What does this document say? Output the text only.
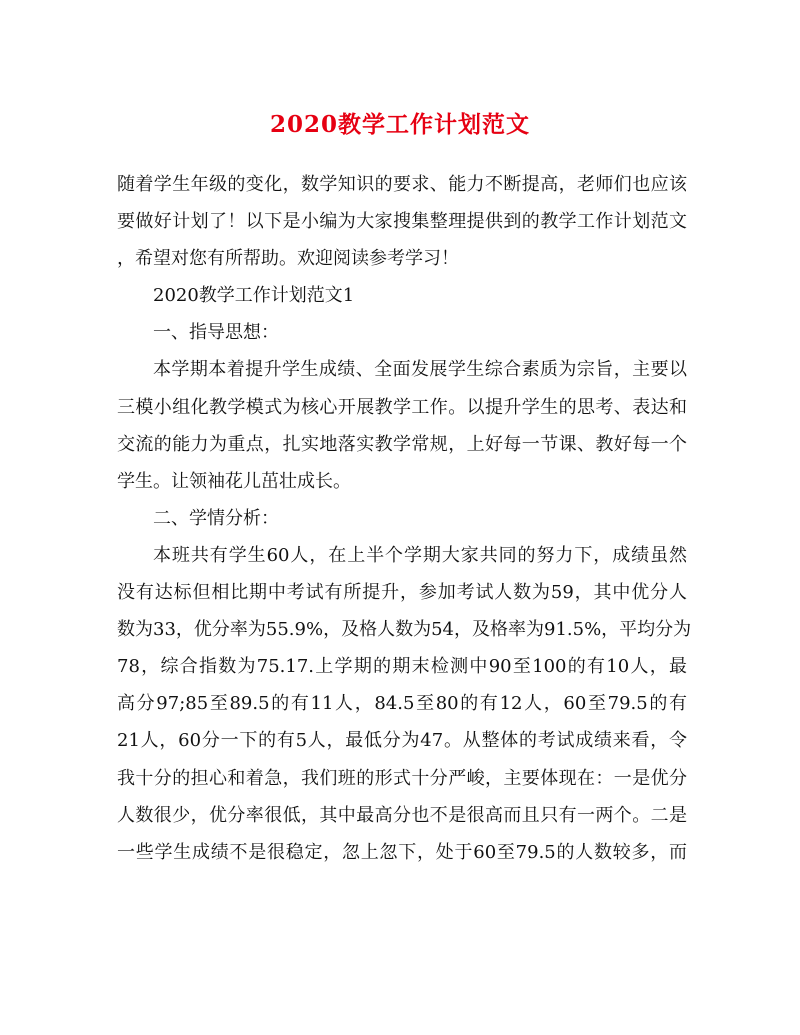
2020教学工作计划范文
随着学生年级的变化，数学知识的要求、能力不断提高，老师们也应该
要做好计划了！以下是小编为大家搜集整理提供到的教学工作计划范文
，希望对您有所帮助。欢迎阅读参考学习！
2020教学工作计划范文1
一、指导思想：
本学期本着提升学生成绩、全面发展学生综合素质为宗旨，主要以
三模小组化教学模式为核心开展教学工作。以提升学生的思考、表达和
交流的能力为重点，扎实地落实教学常规，上好每一节课、教好每一个
学生。让领袖花儿茁壮成长。
二、学情分析：
本班共有学生60人，在上半个学期大家共同的努力下，成绩虽然
没有达标但相比期中考试有所提升，参加考试人数为59，其中优分人
数为33，优分率为55.9%，及格人数为54，及格率为91.5%，平均分为
78，综合指数为75.17.上学期的期末检测中90至100的有10人，最
高分97;85至89.5的有11人，84.5至80的有12人，60至79.5的有
21人，60分一下的有5人，最低分为47。从整体的考试成绩来看，令
我十分的担心和着急，我们班的形式十分严峻，主要体现在：一是优分
人数很少，优分率很低，其中最高分也不是很高而且只有一两个。二是
一些学生成绩不是很稳定，忽上忽下，处于60至79.5的人数较多，而
